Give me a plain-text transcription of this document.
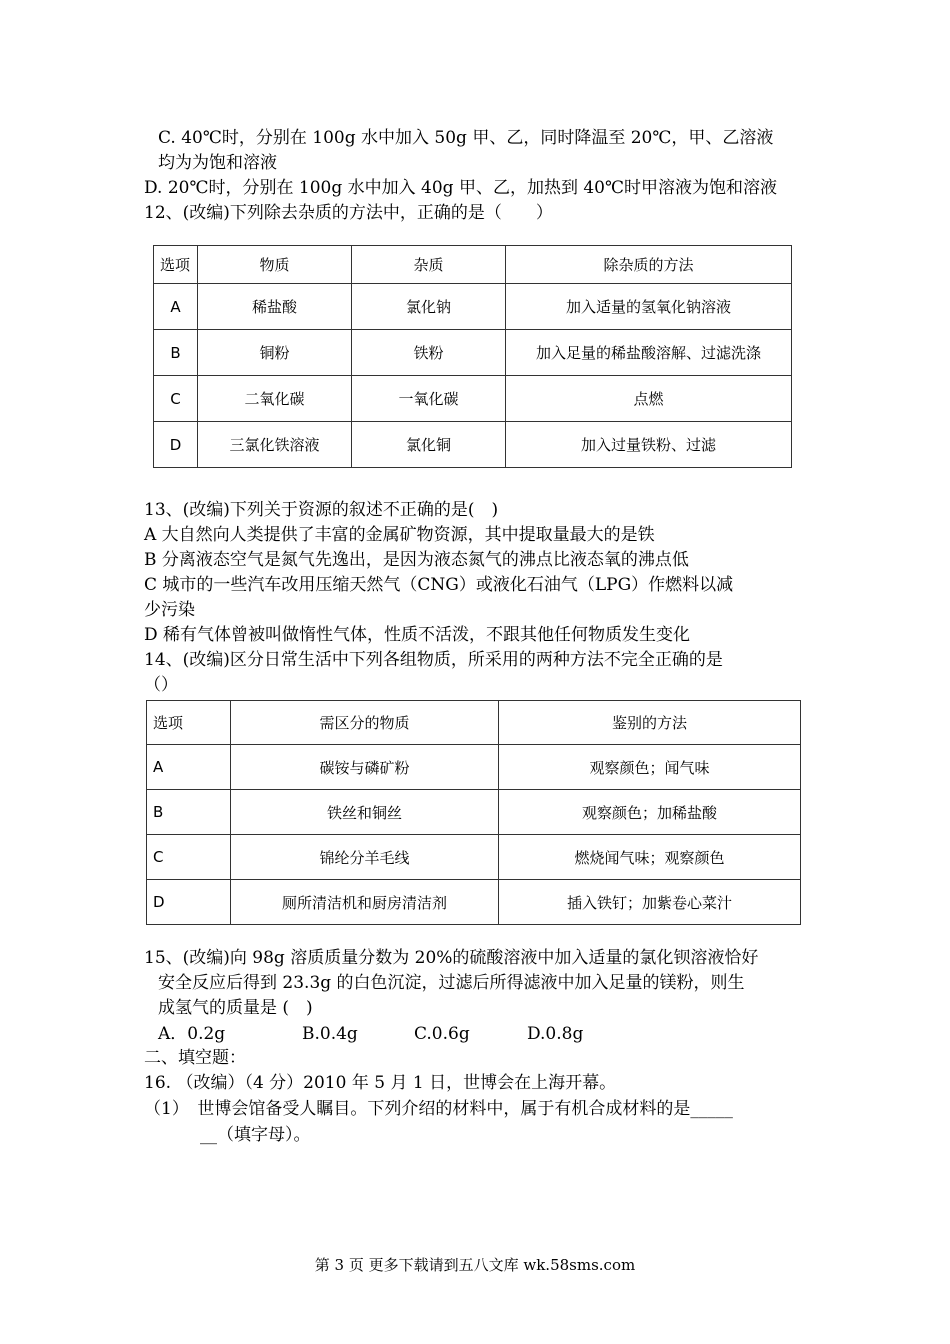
C. 40℃时，分别在 100g 水中加入 50g 甲、乙，同时降温至 20℃，甲、乙溶液
均为为饱和溶液
D. 20℃时，分别在 100g 水中加入 40g 甲、乙，加热到 40℃时甲溶液为饱和溶液
12、(改编)下列除去杂质的方法中，正确的是（　　）
选项	物质	杂质	除杂质的方法
A	稀盐酸	氯化钠	加入适量的氢氧化钠溶液
B	铜粉	铁粉	加入足量的稀盐酸溶解、过滤洗涤
C	二氧化碳	一氧化碳	点燃
D	三氯化铁溶液	氯化铜	加入过量铁粉、过滤
13、(改编)下列关于资源的叙述不正确的是(　)
A 大自然向人类提供了丰富的金属矿物资源，其中提取量最大的是铁
B 分离液态空气是氮气先逸出，是因为液态氮气的沸点比液态氧的沸点低
C 城市的一些汽车改用压缩天然气（CNG）或液化石油气（LPG）作燃料以减
少污染
D 稀有气体曾被叫做惰性气体，性质不活泼，不跟其他任何物质发生变化
14、(改编)区分日常生活中下列各组物质，所采用的两种方法不完全正确的是
（）
选项	需区分的物质	鉴别的方法
A	碳铵与磷矿粉	观察颜色；闻气味
B	铁丝和铜丝	观察颜色；加稀盐酸
C	锦纶分羊毛线	燃烧闻气味；观察颜色
D	厕所清洁机和厨房清洁剂	插入铁钉；加紫卷心菜汁
15、(改编)向 98g 溶质质量分数为 20%的硫酸溶液中加入适量的氯化钡溶液恰好
安全反应后得到 23.3g 的白色沉淀，过滤后所得滤液中加入足量的镁粉，则生
成氢气的质量是 (　)
A．0.2g	B.0.4g	C.0.6g	D.0.8g
二、填空题：
16. （改编）（4 分）2010 年 5 月 1 日，世博会在上海开幕。
（1）　世博会馆备受人瞩目。下列介绍的材料中，属于有机合成材料的是_____
__（填字母）。
第 3 页 更多下载请到五八文库 wk.58sms.com
